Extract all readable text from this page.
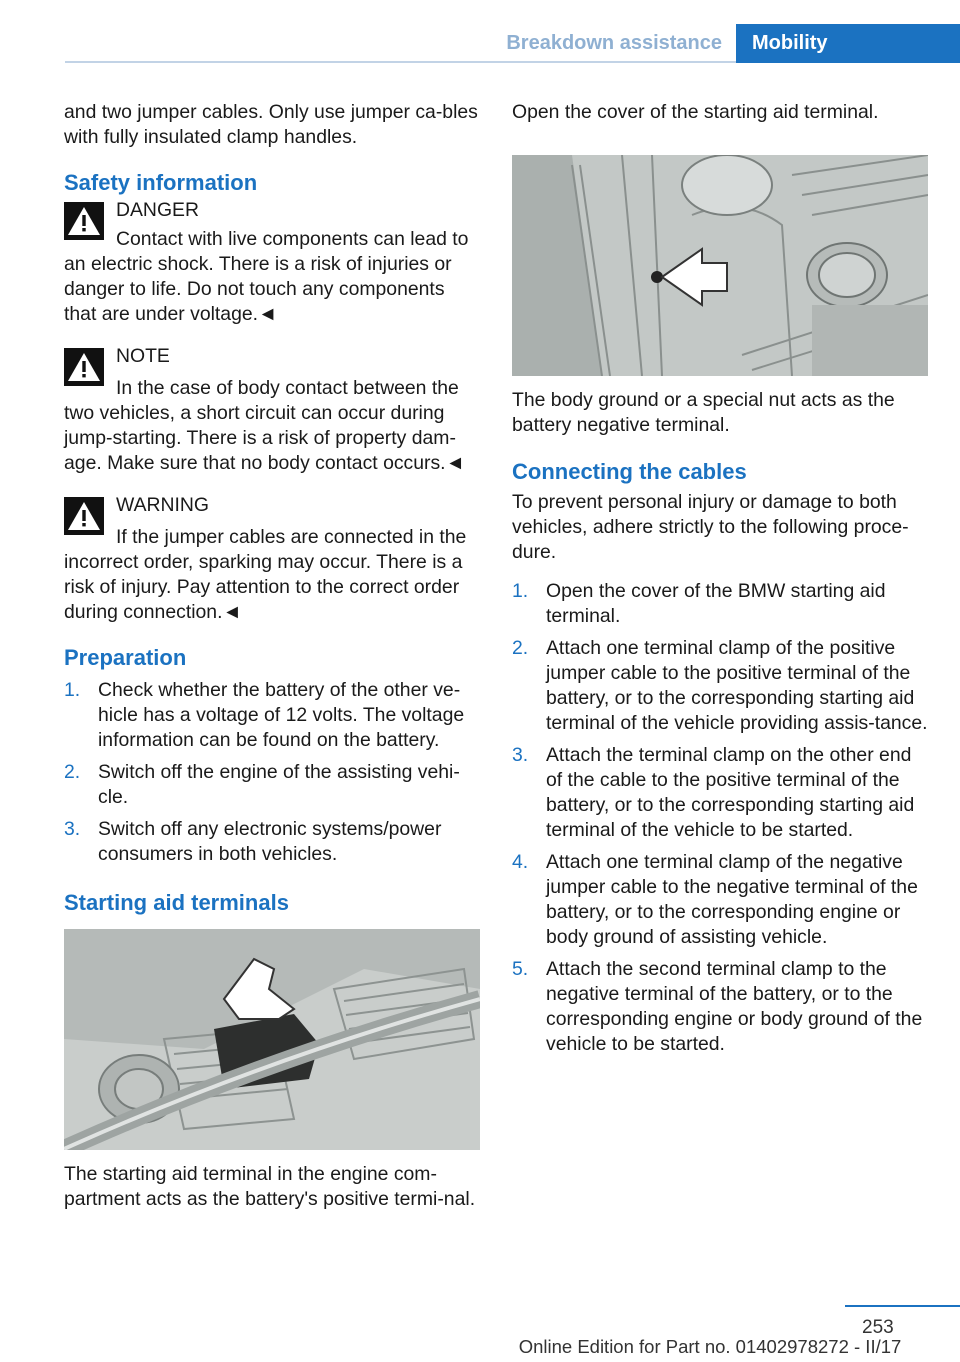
Breakdown assistance	Mobility

and two jumper cables. Only use jumper ca-bles with fully insulated clamp handles.

Safety information
DANGER
Contact with live components can lead to
an electric shock. There is a risk of injuries or danger to life. Do not touch any components that are under voltage.◄
NOTE
In the case of body contact between the
two vehicles, a short circuit can occur during jump-starting. There is a risk of property dam-age. Make sure that no body contact occurs.◄
WARNING
If the jumper cables are connected in the
incorrect order, sparking may occur. There is a risk of injury. Pay attention to the correct order during connection.◄
Preparation
1. Check whether the battery of the other ve-hicle has a voltage of 12 volts. The voltage information can be found on the battery.
2. Switch off the engine of the assisting vehi-cle.
3. Switch off any electronic systems/power consumers in both vehicles.
Starting aid terminals

The starting aid terminal in the engine com-partment acts as the battery's positive termi-nal.

Open the cover of the starting aid terminal.

The body ground or a special nut acts as the battery negative terminal.

Connecting the cables

To prevent personal injury or damage to both vehicles, adhere strictly to the following proce-dure.

1. Open the cover of the BMW starting aid terminal.
2. Attach one terminal clamp of the positive jumper cable to the positive terminal of the battery, or to the corresponding starting aid terminal of the vehicle providing assis-tance.
3. Attach the terminal clamp on the other end of the cable to the positive terminal of the battery, or to the corresponding starting aid terminal of the vehicle to be started.
4. Attach one terminal clamp of the negative jumper cable to the negative terminal of the battery, or to the corresponding engine or body ground of assisting vehicle.
5. Attach the second terminal clamp to the negative terminal of the battery, or to the corresponding engine or body ground of the vehicle to be started.
253
Online Edition for Part no. 01402978272 - II/17
